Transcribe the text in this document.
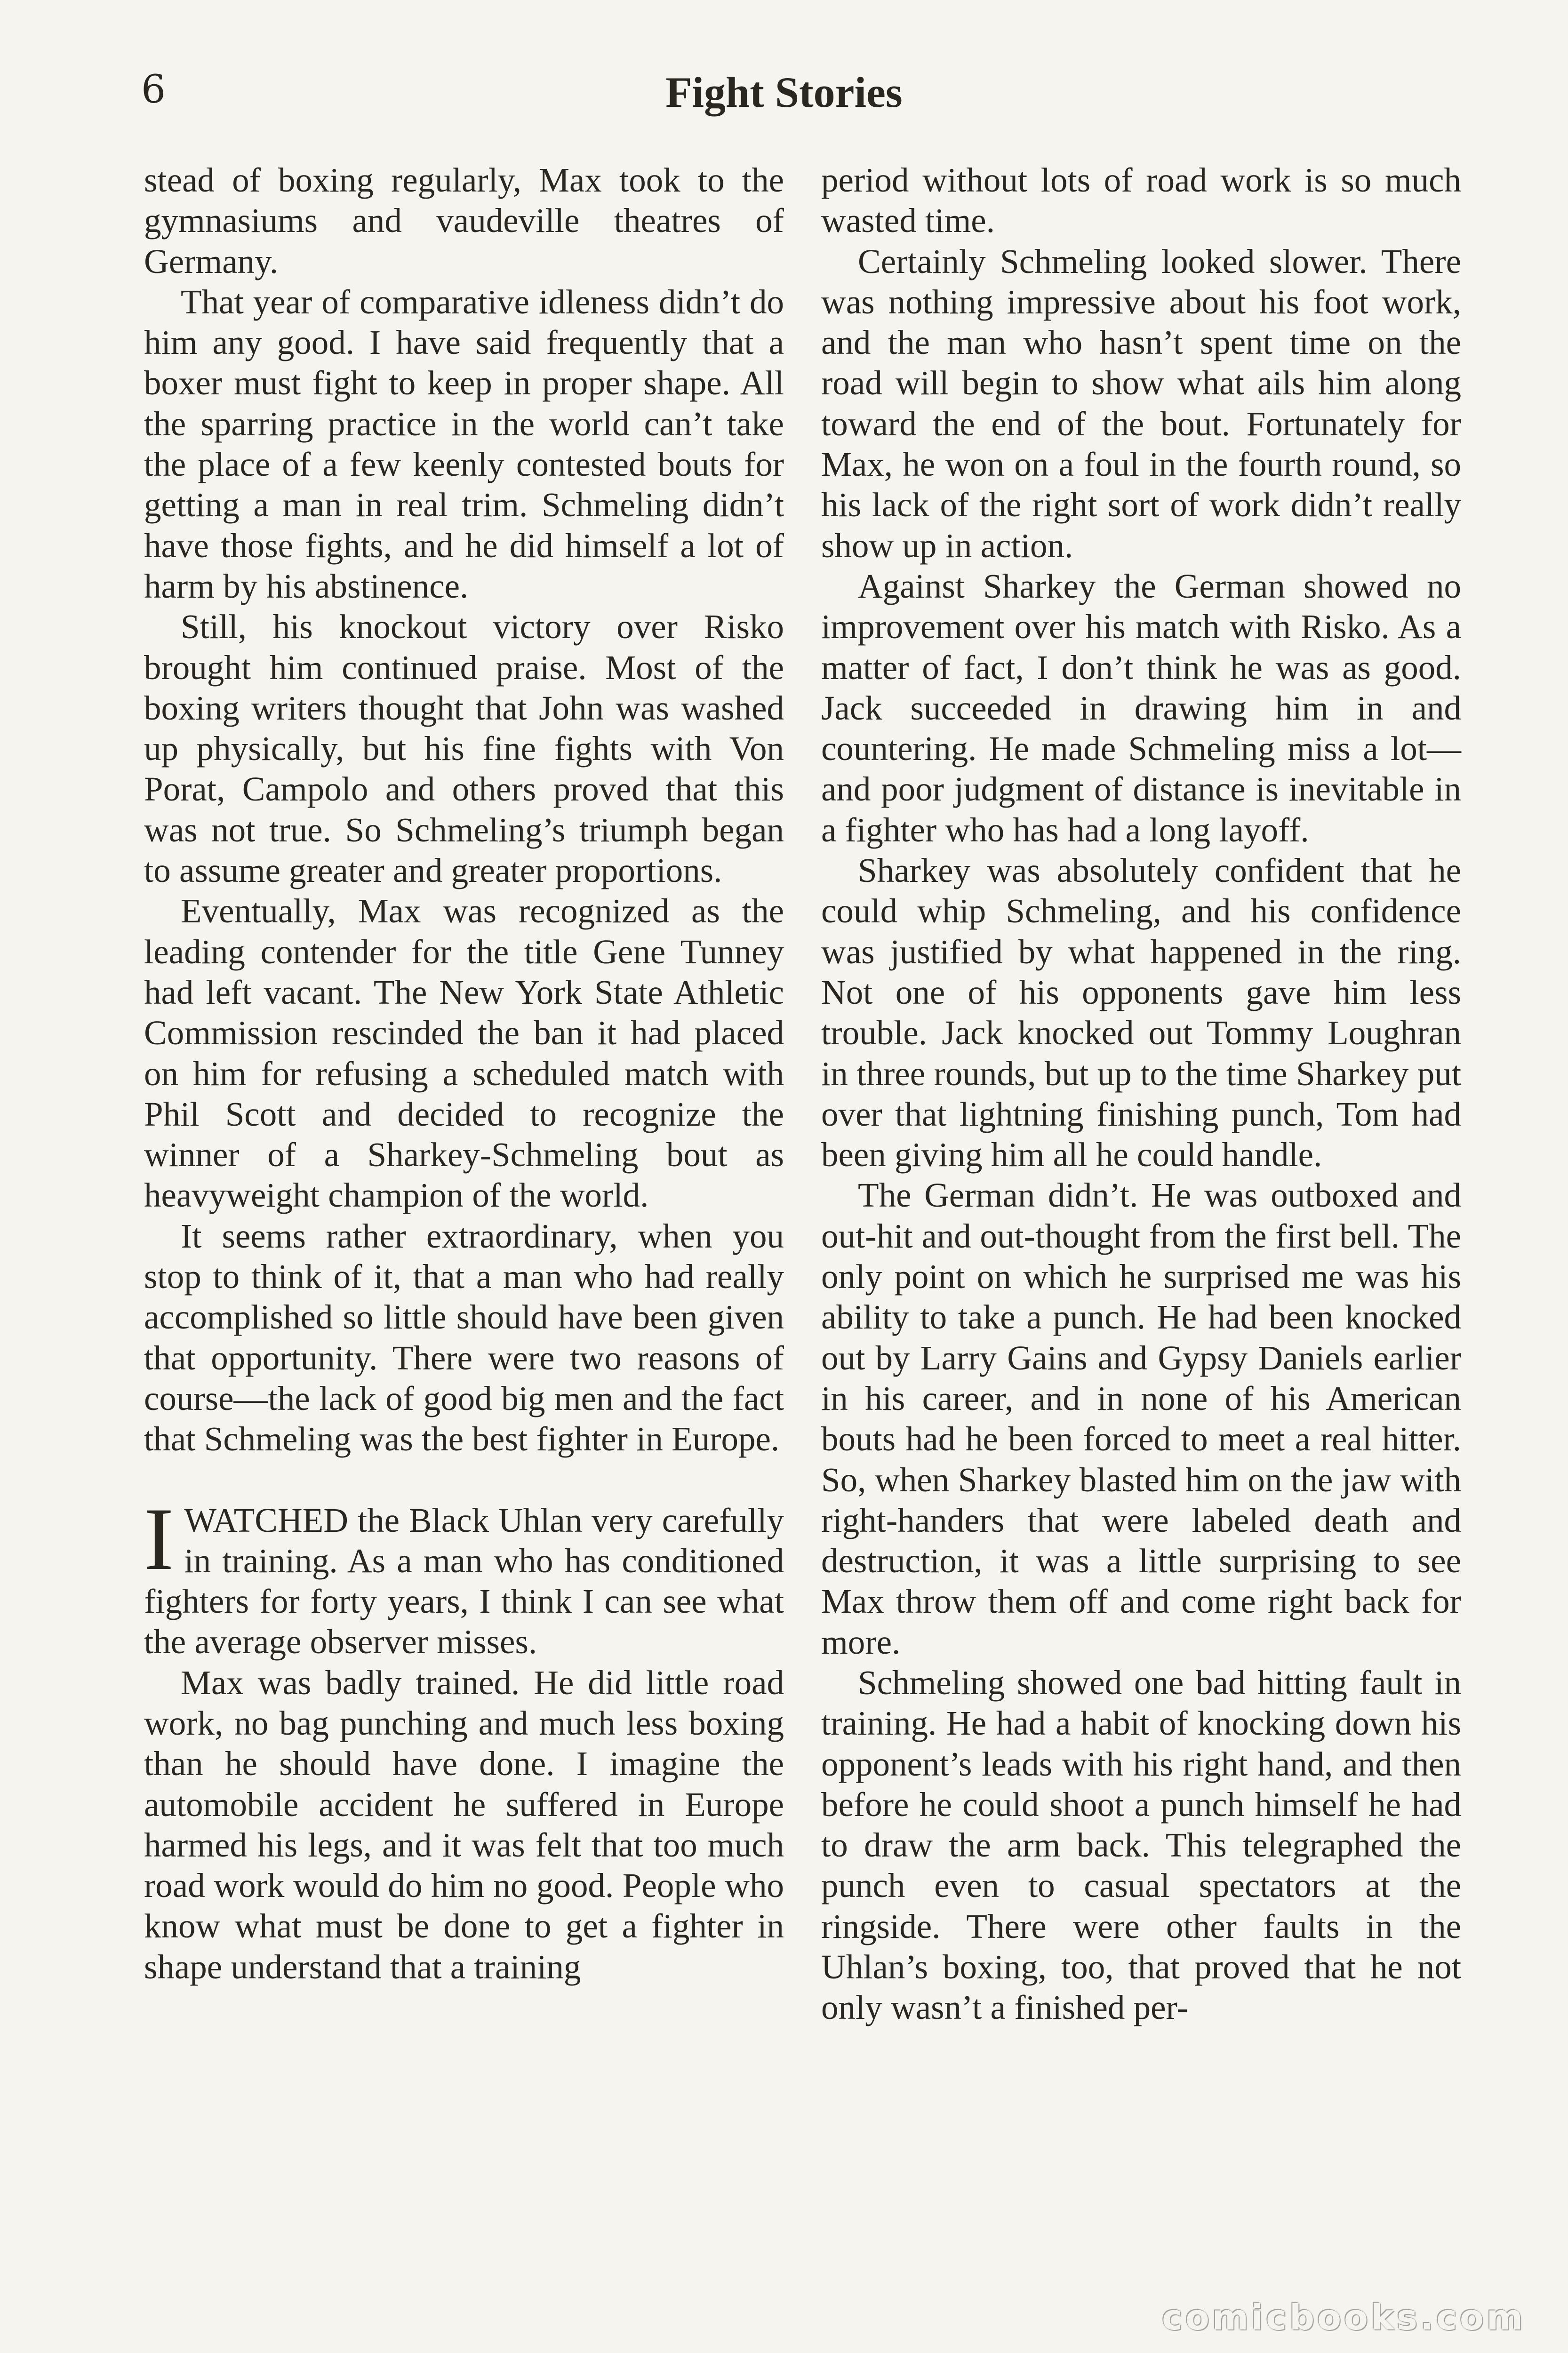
6	Fight Stories

stead of boxing regularly, Max took to the gymnasiums and vaudeville theatres of Germany.

That year of comparative idleness didn’t do him any good. I have said frequently that a boxer must fight to keep in proper shape. All the sparring practice in the world can’t take the place of a few keenly contested bouts for getting a man in real trim. Schmeling didn’t have those fights, and he did himself a lot of harm by his abstinence.

Still, his knockout victory over Risko brought him continued praise. Most of the boxing writers thought that John was washed up physically, but his fine fights with Von Porat, Campolo and others proved that this was not true. So Schmeling’s triumph began to assume greater and greater proportions.

Eventually, Max was recognized as the leading contender for the title Gene Tunney had left vacant. The New York State Athletic Commission rescinded the ban it had placed on him for refusing a scheduled match with Phil Scott and decided to recognize the winner of a Sharkey-Schmeling bout as heavyweight champion of the world.

It seems rather extraordinary, when you stop to think of it, that a man who had really accomplished so little should have been given that opportunity. There were two reasons of course—the lack of good big men and the fact that Schmeling was the best fighter in Europe.

IWATCHED the Black Uhlan very carefully in training. As a man who has conditioned fighters for forty years, I think I can see what the average observer misses.

Max was badly trained. He did little road work, no bag punching and much less boxing than he should have done. I imagine the automobile accident he suffered in Europe harmed his legs, and it was felt that too much road work would do him no good. People who know what must be done to get a fighter in shape understand that a training

period without lots of road work is so much wasted time.

Certainly Schmeling looked slower. There was nothing impressive about his foot work, and the man who hasn’t spent time on the road will begin to show what ails him along toward the end of the bout. Fortunately for Max, he won on a foul in the fourth round, so his lack of the right sort of work didn’t really show up in action.

Against Sharkey the German showed no improvement over his match with Risko. As a matter of fact, I don’t think he was as good. Jack succeeded in drawing him in and countering. He made Schmeling miss a lot—and poor judgment of distance is inevitable in a fighter who has had a long layoff.

Sharkey was absolutely confident that he could whip Schmeling, and his confidence was justified by what happened in the ring. Not one of his opponents gave him less trouble. Jack knocked out Tommy Loughran in three rounds, but up to the time Sharkey put over that lightning finishing punch, Tom had been giving him all he could handle.

The German didn’t. He was outboxed and out-hit and out-thought from the first bell. The only point on which he surprised me was his ability to take a punch. He had been knocked out by Larry Gains and Gypsy Daniels earlier in his career, and in none of his American bouts had he been forced to meet a real hitter. So, when Sharkey blasted him on the jaw with right-handers that were labeled death and destruction, it was a little surprising to see Max throw them off and come right back for more.

Schmeling showed one bad hitting fault in training. He had a habit of knocking down his opponent’s leads with his right hand, and then before he could shoot a punch himself he had to draw the arm back. This telegraphed the punch even to casual spectators at the ringside. There were other faults in the Uhlan’s boxing, too, that proved that he not only wasn’t a finished per-

comicbooks.com
